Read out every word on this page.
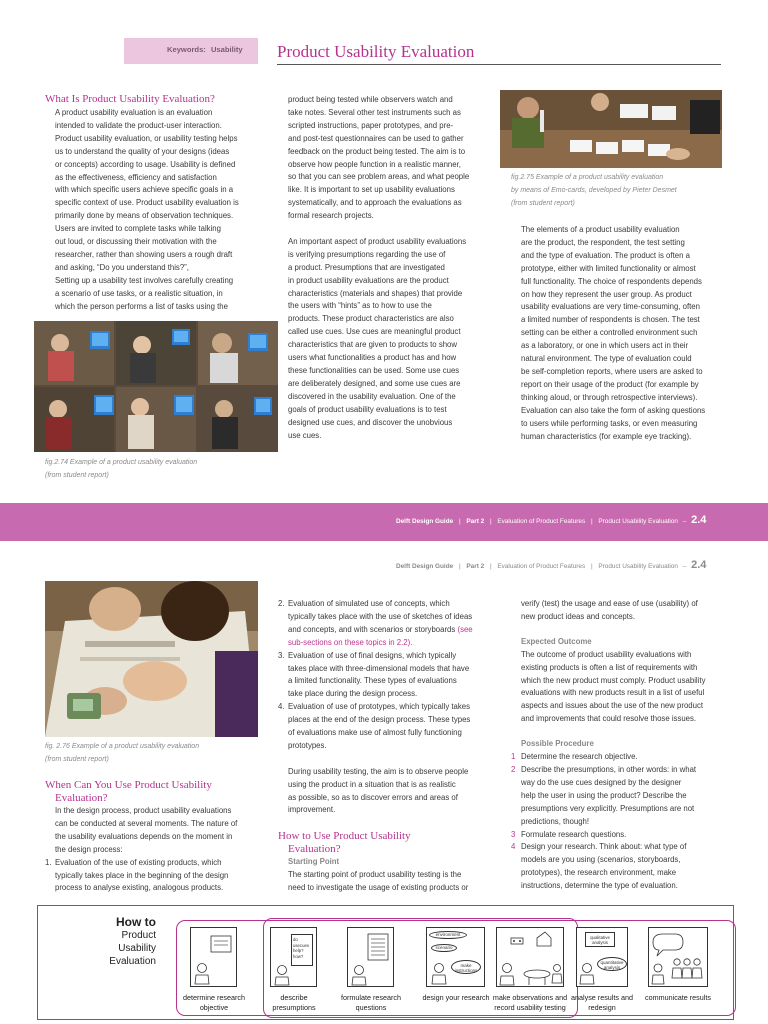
Keywords: Usability	Product Usability Evaluation
What Is Product Usability Evaluation?
A product usability evaluation is an evaluation
intended to validate the product-user interaction.
Product usability evaluation, or usability testing helps
us to understand the quality of your designs (ideas
or concepts) according to usage. Usability is defined
as the effectiveness, efficiency and satisfaction
with which specific users achieve specific goals in a
specific context of use. Product usability evaluation is
primarily done by means of observation techniques.
Users are invited to complete tasks while talking
out loud, or discussing their motivation with the
researcher, rather than showing users a rough draft
and asking, “Do you understand this?”,
Setting up a usability test involves carefully creating
a scenario of use tasks, or a realistic situation, in
which the person performs a list of tasks using the
fig.2.74 Example of a product usability evaluation
(from student report)
product being tested while observers watch and
take notes. Several other test instruments such as
scripted instructions, paper prototypes, and pre-
and post-test questionnaires can be used to gather
feedback on the product being tested. The aim is to
observe how people function in a realistic manner,
so that you can see problem areas, and what people
like. It is important to set up usability evaluations
systematically, and to approach the evaluations as
formal research projects.
An important aspect of product usability evaluations
is verifying presumptions regarding the use of
a product. Presumptions that are investigated
in product usability evaluations are the product
characteristics (materials and shapes) that provide
the users with “hints” as to how to use the
products. These product characteristics are also
called use cues. Use cues are meaningful product
characteristics that are given to products to show
users what functionalities a product has and how
these functionalities can be used. Some use cues
are deliberately designed, and some use cues are
discovered in the usability evaluation. One of the
goals of product usability evaluations is to test
designed use cues, and discover the unobvious
use cues.
fig.2.75 Example of a product usability evaluation
by means of Emo-cards, developed by Pieter Desmet
(from student report)
The elements of a product usability evaluation
are the product, the respondent, the test setting
and the type of evaluation. The product is often a
prototype, either with limited functionality or almost
full functionality. The choice of respondents depends
on how they represent the user group. As product
usability evaluations are very time-consuming, often
a limited number of respondents is chosen. The test
setting can be either a controlled environment such
as a laboratory, or one in which users act in their
natural environment. The type of evaluation could
be self-completion reports, where users are asked to
report on their usage of the product (for example by
thinking aloud, or through retrospective interviews).
Evaluation can also take the form of asking questions
to users while performing tasks, or even measuring
human characteristics (for example eye tracking).
Delft Design Guide | Part 2 | Evaluation of Product Features | Product Usability Evaluation – 2.4
Delft Design Guide | Part 2 | Evaluation of Product Features | Product Usability Evaluation – 2.4
fig. 2.76 Example of a product usability evaluation
(from student report)
When Can You Use Product Usability
Evaluation?
In the design process, product usability evaluations
can be conducted at several moments. The nature of
the usability evaluations depends on the moment in
the design process:
1. Evaluation of the use of existing products, which
typically takes place in the beginning of the design
process to analyse existing, analogous products.
2. Evaluation of simulated use of concepts, which
typically takes place with the use of sketches of ideas
and concepts, and with scenarios or storyboards (see
sub-sections on these topics in 2.2).
3. Evaluation of use of final designs, which typically
takes place with three-dimensional models that have
a limited functionality. These types of evaluations
take place during the design process.
4. Evaluation of use of prototypes, which typically takes
places at the end of the design process. These types
of evaluations make use of almost fully functioning
prototypes.
During usability testing, the aim is to observe people
using the product in a situation that is as realistic
as possible, so as to discover errors and areas of
improvement.
How to Use Product Usability
Evaluation?
Starting Point
The starting point of product usability testing is the
need to investigate the usage of existing products or
verify (test) the usage and ease of use (usability) of
new product ideas and concepts.
Expected Outcome
The outcome of product usability evaluations with
existing products is often a list of requirements with
which the new product must comply. Product usability
evaluations with new products result in a list of useful
aspects and issues about the use of the new product
and improvements that could resolve those issues.
Possible Procedure
1 Determine the research objective.
2 Describe the presumptions, in other words: in what
way do the use cues designed by the designer
help the user in using the product? Describe the
presumptions very explicitly. Presumptions are not
predictions, though!
3 Formulate research questions.
4 Design your research. Think about: what type of
models are you using (scenarios, storyboards,
prototypes), the research environment, make
instructions, determine the type of evaluation.
How to
Product
Usability
Evaluation
determine research objective
do usecues help? how?
describe presumptions
formulate research questions
environment
scenario
make instructions
design your research make observations and record usability testing
qualitative analysis
quantitative analysis
analyse results and redesign
communicate results
